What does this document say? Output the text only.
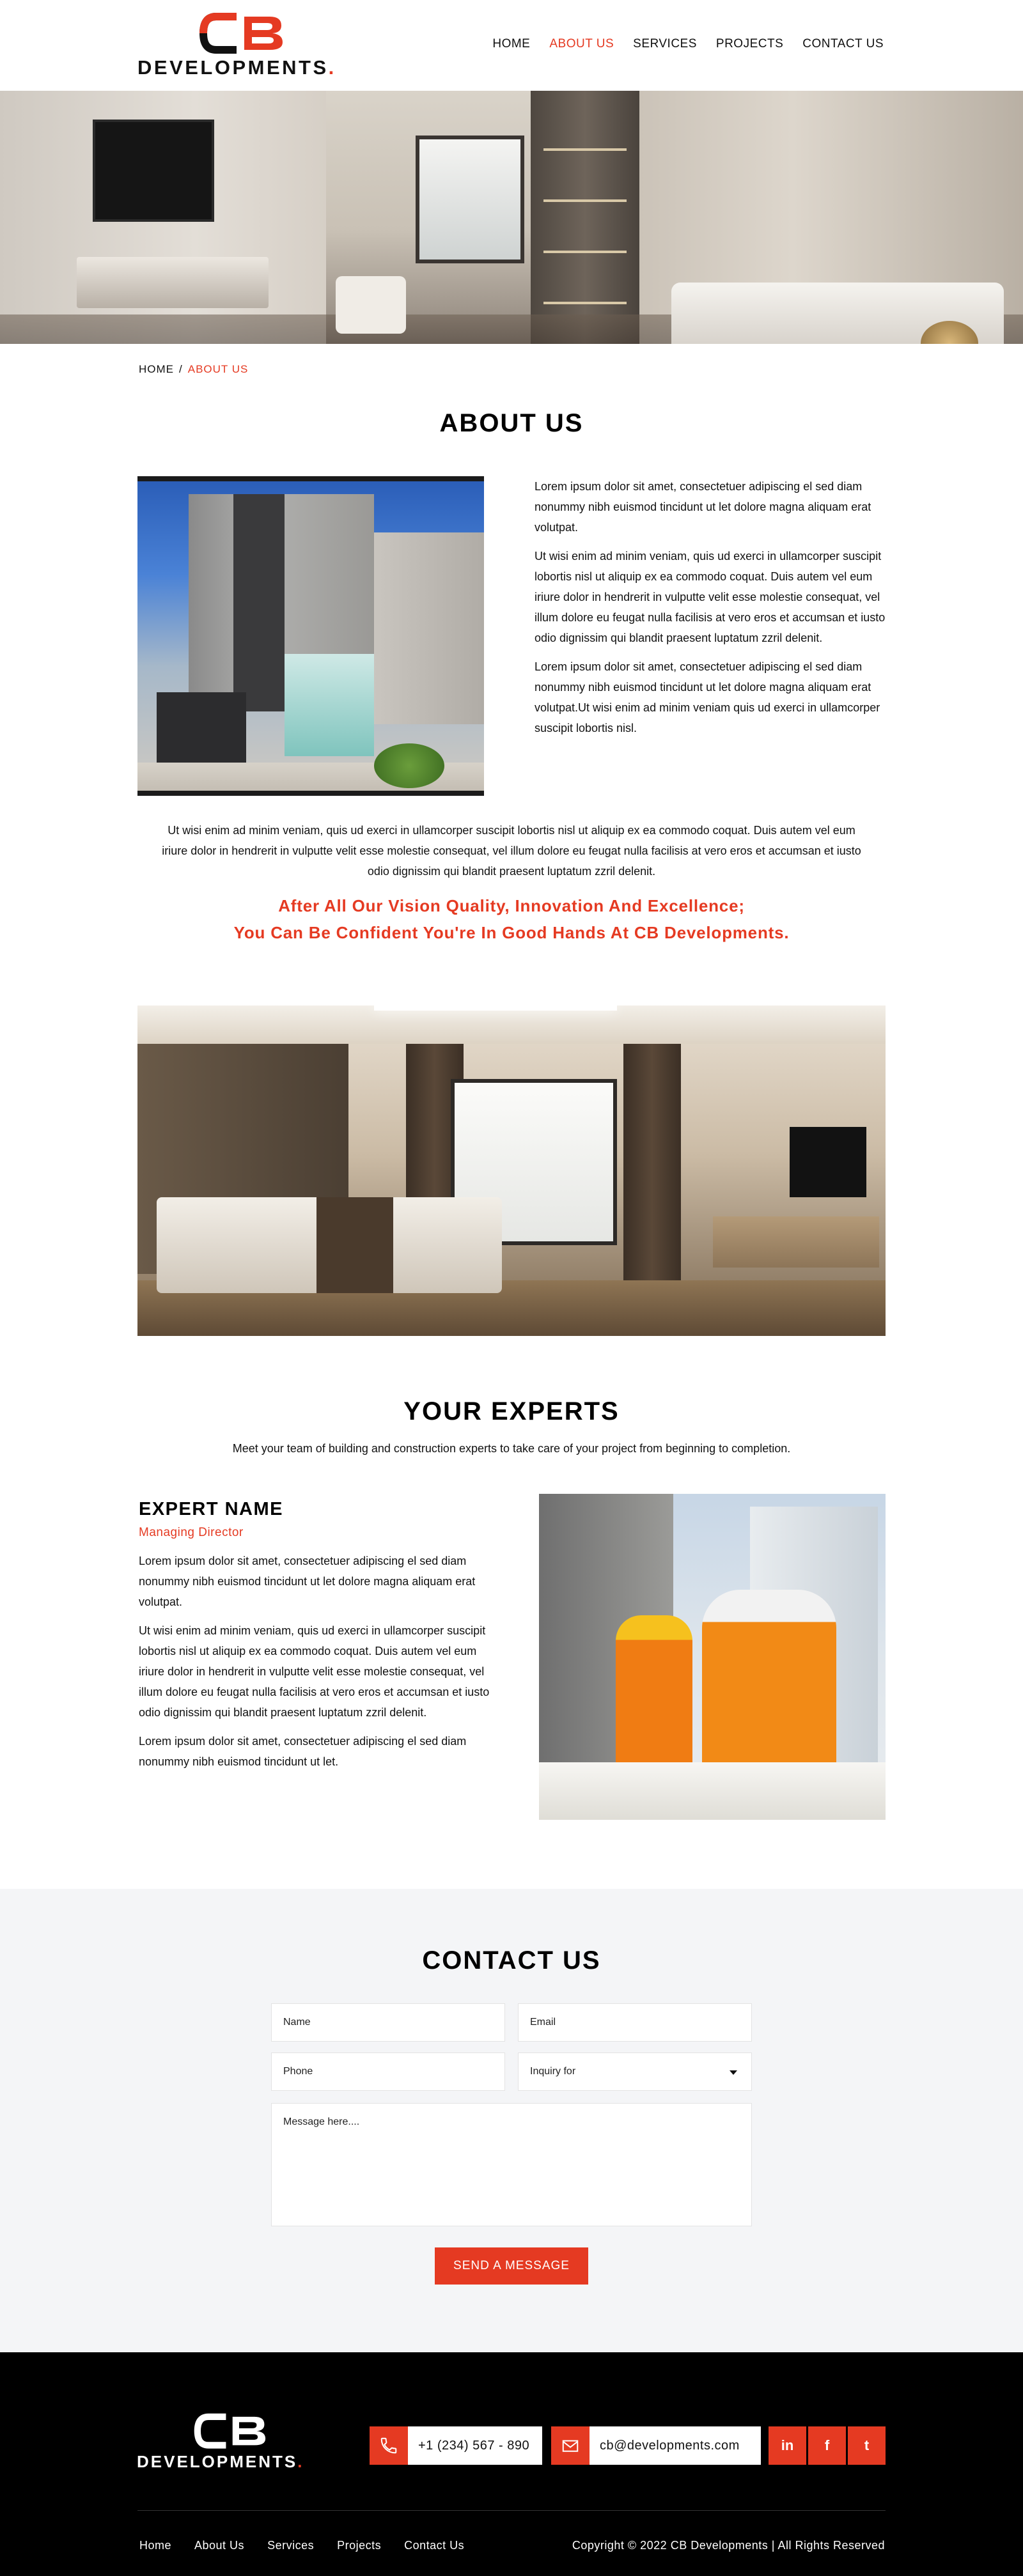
DEVELOPMENTS.
HOME ABOUT US SERVICES PROJECTS CONTACT US
HOME / ABOUT US
ABOUT US

Lorem ipsum dolor sit amet, consectetuer adipiscing el sed diam nonummy nibh euismod tincidunt ut let dolore magna aliquam erat volutpat.

Ut wisi enim ad minim veniam, quis ud exerci in ullamcorper suscipit lobortis nisl ut aliquip ex ea commodo coquat. Duis autem vel eum iriure dolor in hendrerit in vulputte velit esse molestie consequat, vel illum dolore eu feugat nulla facilisis at vero eros et accumsan et iusto odio dignissim qui blandit praesent luptatum zzril delenit.

Lorem ipsum dolor sit amet, consectetuer adipiscing el sed diam nonummy nibh euismod tincidunt ut let dolore magna aliquam erat volutpat.Ut wisi enim ad minim veniam quis ud exerci in ullamcorper suscipit lobortis nisl.

Ut wisi enim ad minim veniam, quis ud exerci in ullamcorper suscipit lobortis nisl ut aliquip ex ea commodo coquat. Duis autem vel eum iriure dolor in hendrerit in vulputte velit esse molestie consequat, vel illum dolore eu feugat nulla facilisis at vero eros et accumsan et iusto odio dignissim qui blandit praesent luptatum zzril delenit.

After All Our Vision Quality, Innovation And Excellence;
You Can Be Confident You're In Good Hands At CB Developments.
YOUR EXPERTS

Meet your team of building and construction experts to take care of your project from beginning to completion.

EXPERT NAME
Managing Director

Lorem ipsum dolor sit amet, consectetuer adipiscing el sed diam nonummy nibh euismod tincidunt ut let dolore magna aliquam erat volutpat.

Ut wisi enim ad minim veniam, quis ud exerci in ullamcorper suscipit lobortis nisl ut aliquip ex ea commodo coquat. Duis autem vel eum iriure dolor in hendrerit in vulputte velit esse molestie consequat, vel illum dolore eu feugat nulla facilisis at vero eros et accumsan et iusto odio dignissim qui blandit praesent luptatum zzril delenit.

Lorem ipsum dolor sit amet, consectetuer adipiscing el sed diam nonummy nibh euismod tincidunt ut let.

CONTACT US
Name	Email
Phone	Inquiry for
Message here....
SEND A MESSAGE
DEVELOPMENTS.
+1 (234) 567 - 890	cb@developments.com	in	f	t
Home About Us Services Projects Contact Us	Copyright © 2022 CB Developments | All Rights Reserved
